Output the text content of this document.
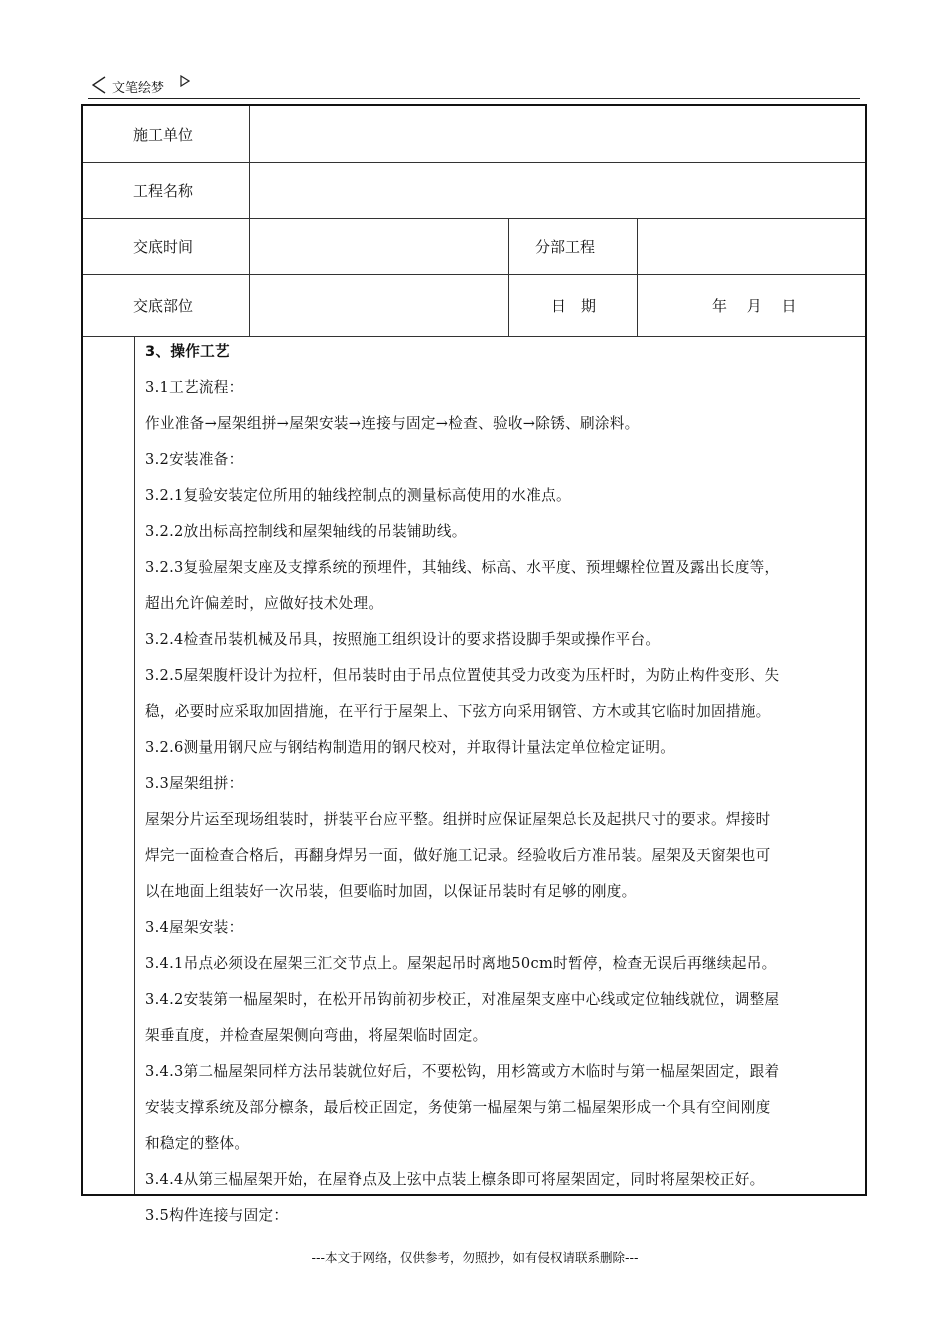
文笔绘梦
施工单位
工程名称
交底时间	分部工程
交底部位	日　期	年　 月　 日
3、操作工艺
3.1工艺流程：
作业准备→屋架组拼→屋架安装→连接与固定→检查、验收→除锈、刷涂料。
3.2安装准备：
3.2.1复验安装定位所用的轴线控制点的测量标高使用的水准点。
3.2.2放出标高控制线和屋架轴线的吊装铺助线。
3.2.3复验屋架支座及支撑系统的预埋件，其轴线、标高、水平度、预埋螺栓位置及露出长度等，
超出允许偏差时，应做好技术处理。
3.2.4检查吊装机械及吊具，按照施工组织设计的要求搭设脚手架或操作平台。
3.2.5屋架腹杆设计为拉杆，但吊装时由于吊点位置使其受力改变为压杆时，为防止构件变形、失
稳，必要时应采取加固措施，在平行于屋架上、下弦方向采用钢管、方木或其它临时加固措施。
3.2.6测量用钢尺应与钢结构制造用的钢尺校对，并取得计量法定单位检定证明。
3.3屋架组拼：
屋架分片运至现场组装时，拼装平台应平整。组拼时应保证屋架总长及起拱尺寸的要求。焊接时
焊完一面检查合格后，再翻身焊另一面，做好施工记录。经验收后方准吊装。屋架及天窗架也可
以在地面上组装好一次吊装，但要临时加固，以保证吊装时有足够的刚度。
3.4屋架安装：
3.4.1吊点必须设在屋架三汇交节点上。屋架起吊时离地50cm时暂停，检查无误后再继续起吊。
3.4.2安装第一榀屋架时，在松开吊钩前初步校正，对准屋架支座中心线或定位轴线就位，调整屋
架垂直度，并检查屋架侧向弯曲，将屋架临时固定。
3.4.3第二榀屋架同样方法吊装就位好后，不要松钩，用杉篙或方木临时与第一榀屋架固定，跟着
安装支撑系统及部分檩条，最后校正固定，务使第一榀屋架与第二榀屋架形成一个具有空间刚度
和稳定的整体。
3.4.4从第三榀屋架开始，在屋脊点及上弦中点装上檩条即可将屋架固定，同时将屋架校正好。
3.5构件连接与固定：
---本文于网络，仅供参考，勿照抄，如有侵权请联系删除---
